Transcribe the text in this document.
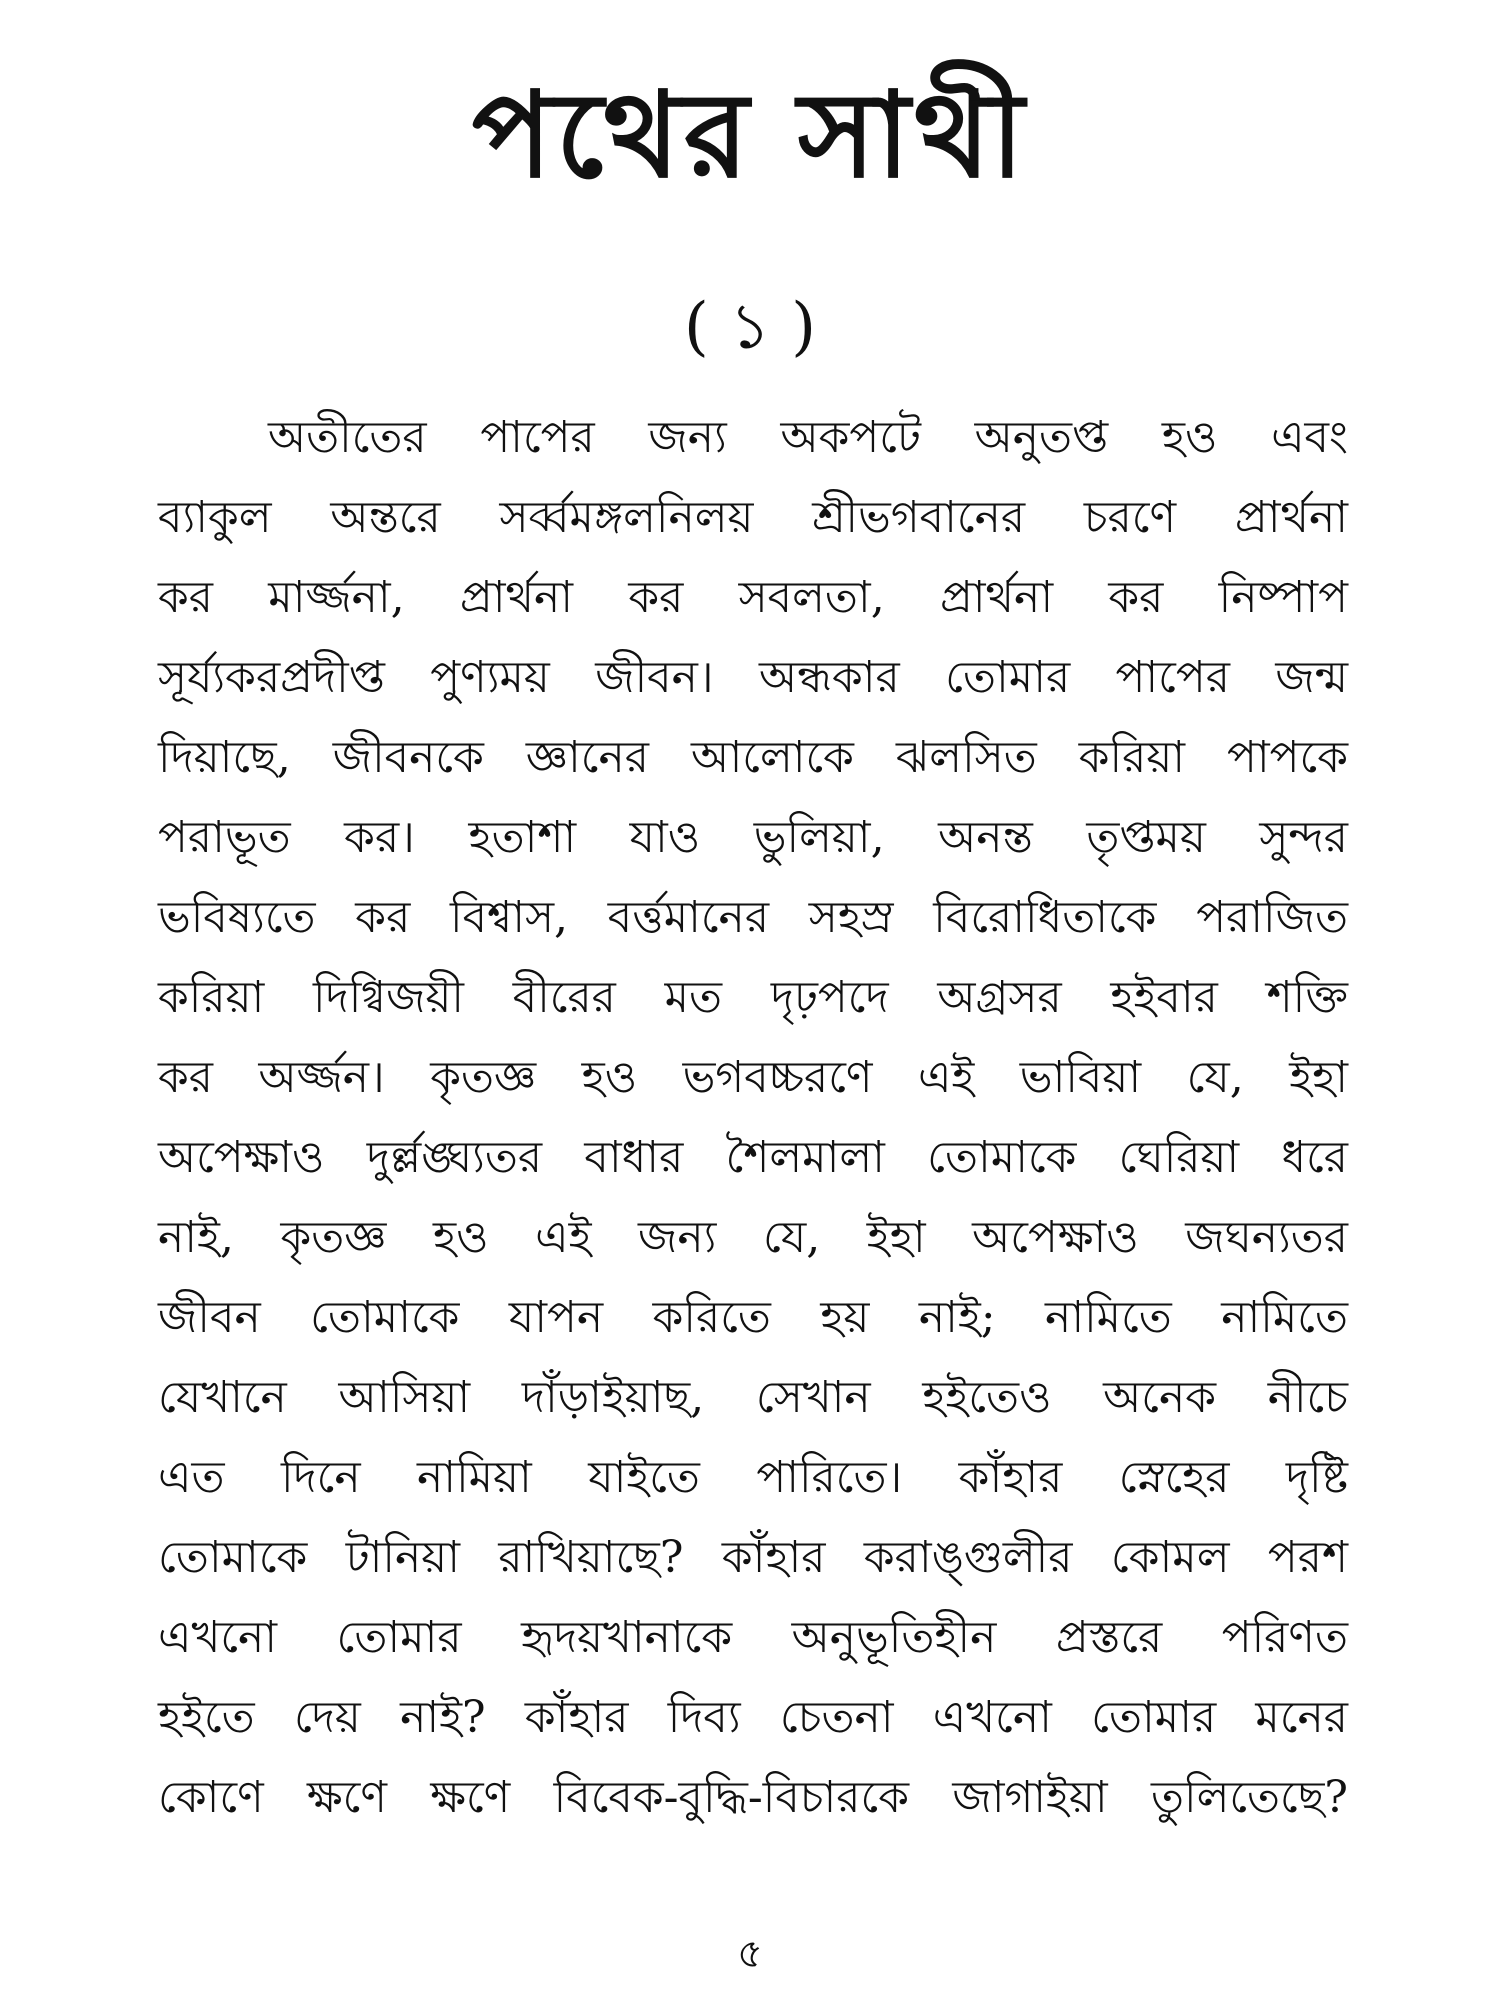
পথের সাথী
( ১ )
অতীতের পাপের জন্য অকপটে অনুতপ্ত হও এবং
ব্যাকুল অন্তরে সর্ব্বমঙ্গলনিলয় শ্রীভগবানের চরণে প্রার্থনা
কর মার্জ্জনা, প্রার্থনা কর সবলতা, প্রার্থনা কর নিষ্পাপ
সূর্য্যকরপ্রদীপ্ত পুণ্যময় জীবন। অন্ধকার তোমার পাপের জন্ম
দিয়াছে, জীবনকে জ্ঞানের আলোকে ঝলসিত করিয়া পাপকে
পরাভূত কর। হতাশা যাও ভুলিয়া, অনন্ত তৃপ্তময় সুন্দর
ভবিষ্যতে কর বিশ্বাস, বর্ত্তমানের সহস্র বিরোধিতাকে পরাজিত
করিয়া দিগ্বিজয়ী বীরের মত দৃঢ়পদে অগ্রসর হইবার শক্তি
কর অর্জ্জন। কৃতজ্ঞ হও ভগবচ্চরণে এই ভাবিয়া যে, ইহা
অপেক্ষাও দুর্ল্লঙ্ঘ্যতর বাধার শৈলমালা তোমাকে ঘেরিয়া ধরে
নাই, কৃতজ্ঞ হও এই জন্য যে, ইহা অপেক্ষাও জঘন্যতর
জীবন তোমাকে যাপন করিতে হয় নাই; নামিতে নামিতে
যেখানে আসিয়া দাঁড়াইয়াছ, সেখান হইতেও অনেক নীচে
এত দিনে নামিয়া যাইতে পারিতে। কাঁহার স্নেহের দৃষ্টি
তোমাকে টানিয়া রাখিয়াছে? কাঁহার করাঙ্গুলীর কোমল পরশ
এখনো তোমার হৃদয়খানাকে অনুভূতিহীন প্রস্তরে পরিণত
হইতে দেয় নাই? কাঁহার দিব্য চেতনা এখনো তোমার মনের
কোণে ক্ষণে ক্ষণে বিবেক-বুদ্ধি-বিচারকে জাগাইয়া তুলিতেছে?
৫
